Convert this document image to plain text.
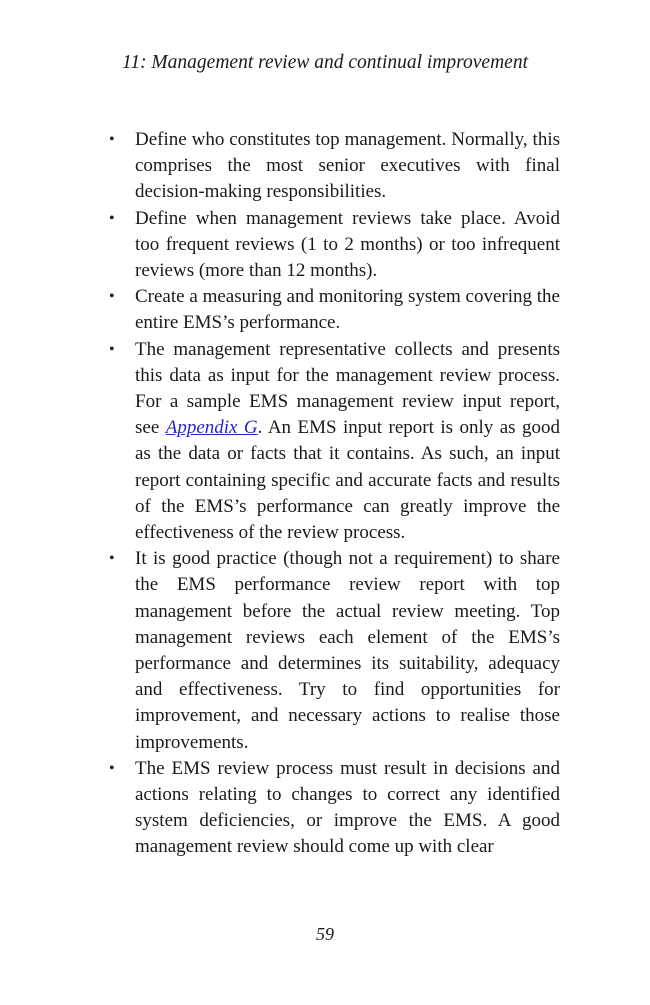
11: Management review and continual improvement
• Define who constitutes top management. Normally, this comprises the most senior executives with final decision-making responsibilities.
• Define when management reviews take place. Avoid too frequent reviews (1 to 2 months) or too infrequent reviews (more than 12 months).
• Create a measuring and monitoring system covering the entire EMS’s performance.
• The management representative collects and presents this data as input for the management review process. For a sample EMS management review input report, see Appendix G. An EMS input report is only as good as the data or facts that it contains. As such, an input report containing specific and accurate facts and results of the EMS’s performance can greatly improve the effectiveness of the review process.
• It is good practice (though not a requirement) to share the EMS performance review report with top management before the actual review meeting. Top management reviews each element of the EMS’s performance and determines its suitability, adequacy and effectiveness. Try to find opportunities for improvement, and necessary actions to realise those improvements.
• The EMS review process must result in decisions and actions relating to changes to correct any identified system deficiencies, or improve the EMS. A good management review should come up with clear
59
